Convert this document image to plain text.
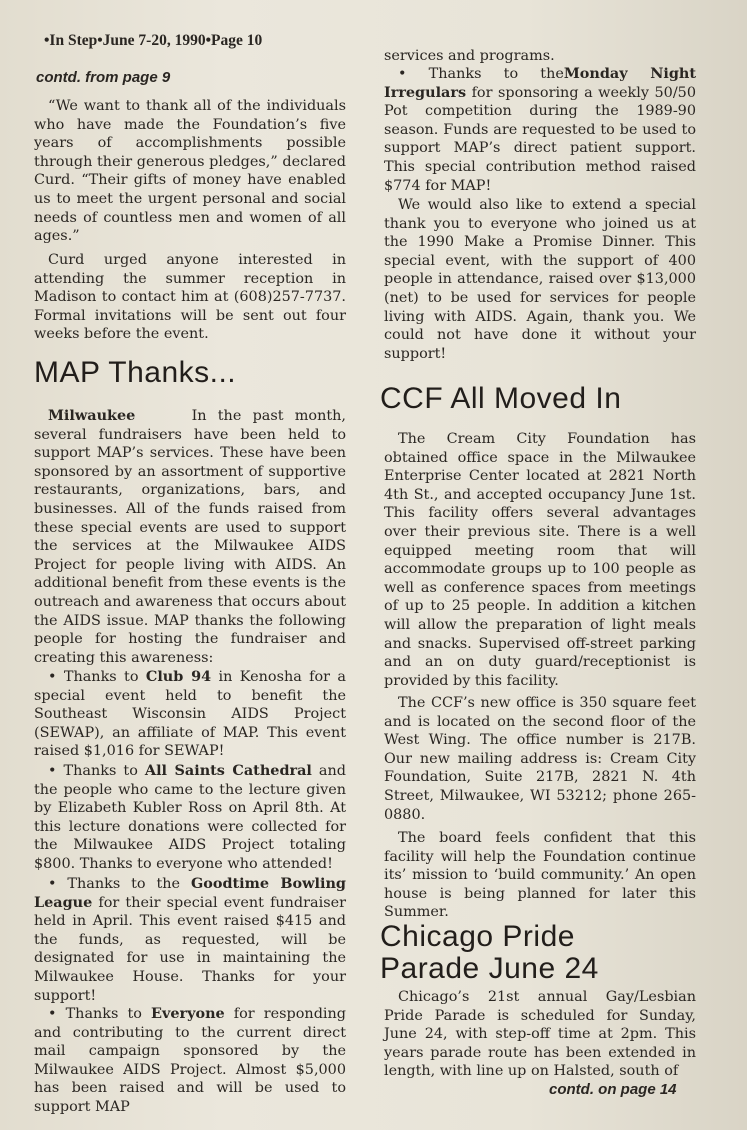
•In Step•June 7-20, 1990•Page 10
contd. from page 9

“We want to thank all of the individuals who have made the Foundation’s five years of accomplishments possible through their generous pledges,” declared Curd. “Their gifts of money have enabled us to meet the urgent personal and social needs of countless men and women of all ages.”

Curd urged anyone interested in attending the summer reception in Madison to contact him at (608)257-7737. Formal invitations will be sent out four weeks before the event.

MAP Thanks...

Milwaukee	In the past month, several fundraisers have been held to support MAP’s services. These have been sponsored by an assortment of supportive restaurants, organizations, bars, and businesses. All of the funds raised from these special events are used to support the services at the Milwaukee AIDS Project for people living with AIDS. An additional benefit from these events is the outreach and awareness that occurs about the AIDS issue. MAP thanks the following people for hosting the fundraiser and creating this awareness:

• Thanks to Club 94 in Kenosha for a special event held to benefit the Southeast Wisconsin AIDS Project (SEWAP), an affiliate of MAP. This event raised $1,016 for SEWAP!

• Thanks to All Saints Cathedral and the people who came to the lecture given by Elizabeth Kubler Ross on April 8th. At this lecture donations were collected for the Milwaukee AIDS Project totaling $800. Thanks to everyone who attended!

• Thanks to the Goodtime Bowling League for their special event fundraiser held in April. This event raised $415 and the funds, as requested, will be designated for use in maintaining the Milwaukee House. Thanks for your support!

• Thanks to Everyone for responding and contributing to the current direct mail campaign sponsored by the Milwaukee AIDS Project. Almost $5,000 has been raised and will be used to support MAP

services and programs.

• Thanks to theMonday Night Irregulars for sponsoring a weekly 50/50 Pot competition during the 1989-90 season. Funds are requested to be used to support MAP’s direct patient support. This special contribution method raised $774 for MAP!

We would also like to extend a special thank you to everyone who joined us at the 1990 Make a Promise Dinner. This special event, with the support of 400 people in attendance, raised over $13,000 (net) to be used for services for people living with AIDS. Again, thank you. We could not have done it without your support!

CCF All Moved In

The Cream City Foundation has obtained office space in the Milwaukee Enterprise Center located at 2821 North 4th St., and accepted occupancy June 1st. This facility offers several advantages over their previous site. There is a well equipped meeting room that will accommodate groups up to 100 people as well as conference spaces from meetings of up to 25 people. In addition a kitchen will allow the preparation of light meals and snacks. Supervised off-street parking and an on duty guard/receptionist is provided by this facility.

The CCF’s new office is 350 square feet and is located on the second floor of the West Wing. The office number is 217B. Our new mailing address is: Cream City Foundation, Suite 217B, 2821 N. 4th Street, Milwaukee, WI 53212; phone 265-0880.

The board feels confident that this facility will help the Foundation continue its’ mission to ‘build community.’ An open house is being planned for later this Summer.

Chicago Pride
Parade June 24

Chicago’s 21st annual Gay/Lesbian Pride Parade is scheduled for Sunday, June 24, with step-off time at 2pm. This years parade route has been extended in length, with line up on Halsted, south of

contd. on page 14
